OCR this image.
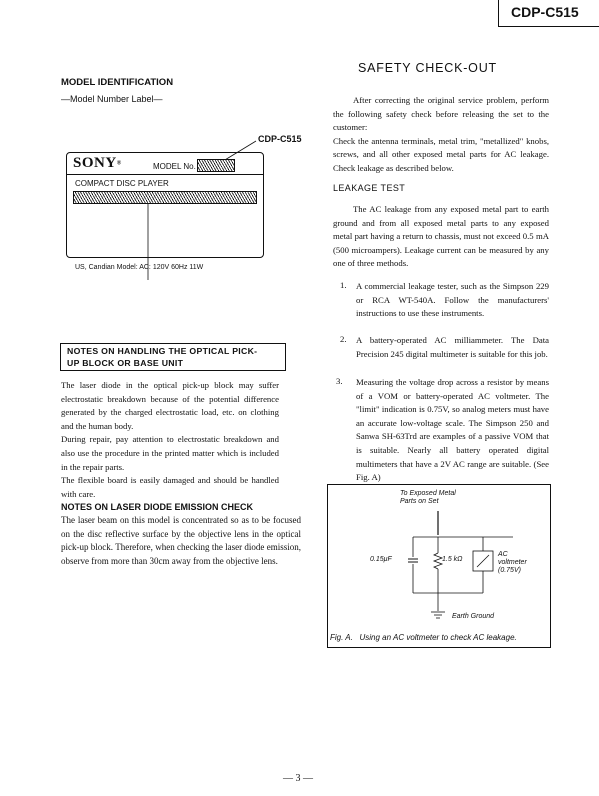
CDP-C515
MODEL IDENTIFICATION
—Model Number Label—
CDP-C515
SONY®	MODEL No.
COMPACT DISC PLAYER
US, Candian Model: AC: 120V 60Hz 11W
NOTES ON HANDLING THE OPTICAL PICK-
UP BLOCK OR BASE UNIT
The laser diode in the optical pick-up block may suffer electrostatic breakdown because of the potential difference generated by the charged electrostatic load, etc. on clothing and the human body.
During repair, pay attention to electrostatic breakdown and also use the procedure in the printed matter which is included in the repair parts.
The flexible board is easily damaged and should be handled with care.
NOTES ON LASER DIODE EMISSION CHECK
The laser beam on this model is concentrated so as to be focused on the disc reflective surface by the objective lens in the optical pick-up block. Therefore, when checking the laser diode emission, observe from more than 30cm away from the objective lens.
SAFETY CHECK-OUT
After correcting the original service problem, perform the following safety check before releasing the set to the customer:
Check the antenna terminals, metal trim, "metallized" knobs, screws, and all other exposed metal parts for AC leakage. Check leakage as described below.
LEAKAGE TEST
The AC leakage from any exposed metal part to earth ground and from all exposed metal parts to any exposed metal part having a return to chassis, must not exceed 0.5 mA (500 microampers). Leakage current can be measured by any one of three methods.
1. A commercial leakage tester, such as the Simpson 229 or RCA WT-540A. Follow the manufacturers' instructions to use these instruments.
2. A battery-operated AC milliammeter. The Data Precision 245 digital multimeter is suitable for this job.
3. Measuring the voltage drop across a resistor by means of a VOM or battery-operated AC voltmeter. The "limit" indication is 0.75V, so analog meters must have an accurate low-voltage scale. The Simpson 250 and Sanwa SH-63Trd are examples of a passive VOM that is suitable. Nearly all battery operated digital multimeters that have a 2V AC range are suitable. (See Fig. A)
To Exposed Metal
Parts on Set
0.15μF	1.5 kΩ
AC
voltmeter
(0.75V)
Earth Ground
Fig. A.   Using an AC voltmeter to check AC leakage.
— 3 —
